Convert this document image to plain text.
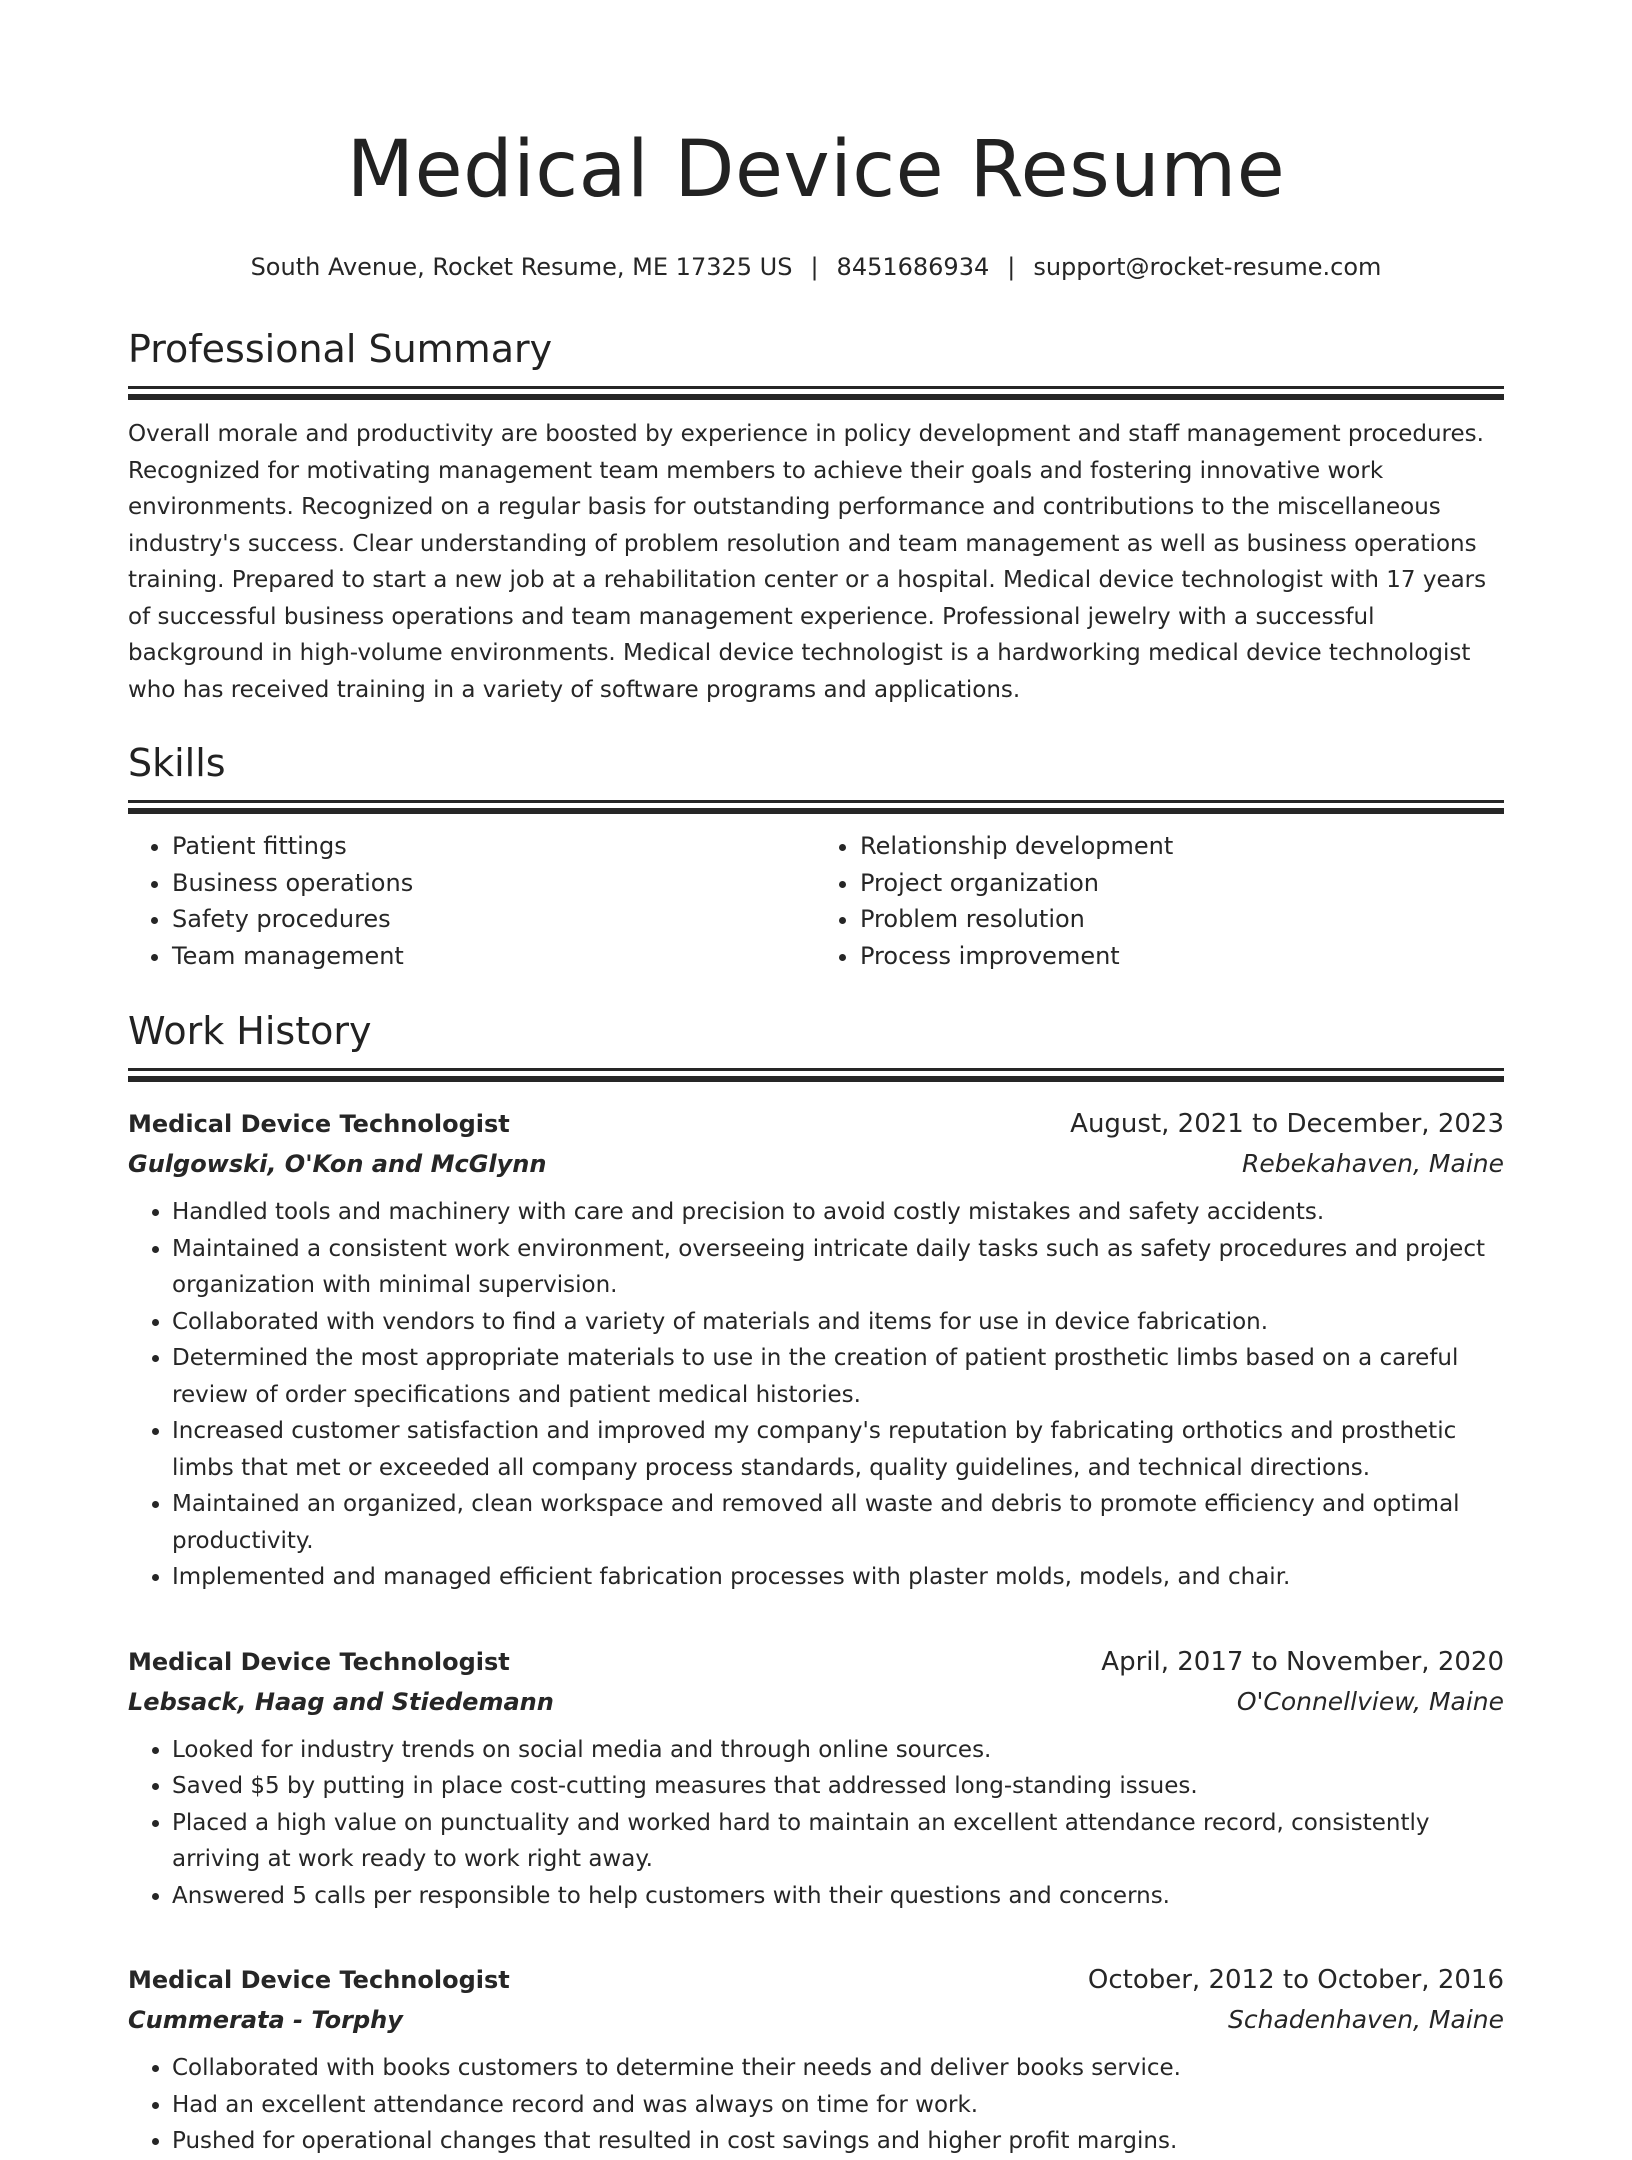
Medical Device Resume
South Avenue, Rocket Resume, ME 17325 US | 8451686934 | support@rocket-resume.com
Professional Summary

Overall morale and productivity are boosted by experience in policy development and staff management procedures. Recognized for motivating management team members to achieve their goals and fostering innovative work environments. Recognized on a regular basis for outstanding performance and contributions to the miscellaneous industry's success. Clear understanding of problem resolution and team management as well as business operations training. Prepared to start a new job at a rehabilitation center or a hospital. Medical device technologist with 17 years of successful business operations and team management experience. Professional jewelry with a successful background in high-volume environments. Medical device technologist is a hardworking medical device technologist who has received training in a variety of software programs and applications.

Skills
• Patient fittings
• Business operations
• Safety procedures
• Team management
• Relationship development
• Project organization
• Problem resolution
• Process improvement
Work History
Medical Device Technologist	August, 2021 to December, 2023
Gulgowski, O'Kon and McGlynn	Rebekahaven, Maine
• Handled tools and machinery with care and precision to avoid costly mistakes and safety accidents.
• Maintained a consistent work environment, overseeing intricate daily tasks such as safety procedures and project organization with minimal supervision.
• Collaborated with vendors to find a variety of materials and items for use in device fabrication.
• Determined the most appropriate materials to use in the creation of patient prosthetic limbs based on a careful review of order specifications and patient medical histories.
• Increased customer satisfaction and improved my company's reputation by fabricating orthotics and prosthetic limbs that met or exceeded all company process standards, quality guidelines, and technical directions.
• Maintained an organized, clean workspace and removed all waste and debris to promote efficiency and optimal productivity.
• Implemented and managed efficient fabrication processes with plaster molds, models, and chair.
Medical Device Technologist	April, 2017 to November, 2020
Lebsack, Haag and Stiedemann	O'Connellview, Maine
• Looked for industry trends on social media and through online sources.
• Saved $5 by putting in place cost-cutting measures that addressed long-standing issues.
• Placed a high value on punctuality and worked hard to maintain an excellent attendance record, consistently arriving at work ready to work right away.
• Answered 5 calls per responsible to help customers with their questions and concerns.
Medical Device Technologist	October, 2012 to October, 2016
Cummerata - Torphy	Schadenhaven, Maine
• Collaborated with books customers to determine their needs and deliver books service.
• Had an excellent attendance record and was always on time for work.
• Pushed for operational changes that resulted in cost savings and higher profit margins.
